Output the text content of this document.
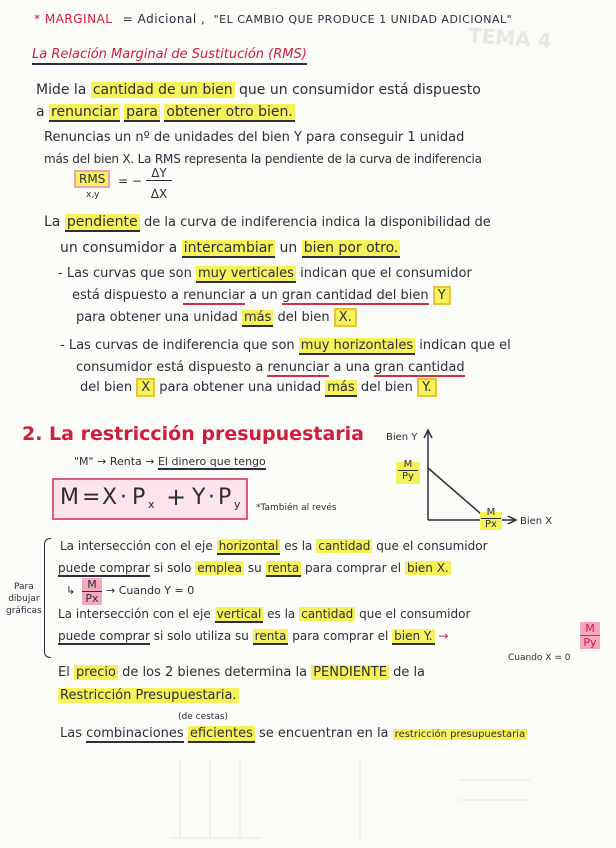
TEMA 4
* MARGINAL = Adicional , "EL CAMBIO QUE PRODUCE 1 UNIDAD ADICIONAL"
La Relación Marginal de Sustitución (RMS)
Mide la cantidad de un bien que un consumidor está dispuesto
a renunciar para obtener otro bien.
Renuncias un nº de unidades del bien Y para conseguir 1 unidad
más del bien X. La RMS representa la pendiente de la curva de indiferencia
RMS
x,y
= −
ΔY
ΔX
La pendiente de la curva de indiferencia indica la disponibilidad de
un consumidor a intercambiar un bien por otro.
- Las curvas que son muy verticales indican que el consumidor
está dispuesto a renunciar a un gran cantidad del bien Y
para obtener una unidad más del bien X.
- Las curvas de indiferencia que son muy horizontales indican que el
consumidor está dispuesto a renunciar a una gran cantidad
del bien X para obtener una unidad más del bien Y.
2. La restricción presupuestaria
"M" → Renta → El dinero que tengo
M = X · P x + Y · P y *También al revés
Bien Y
Bien X
M
Py
M
Px
Para
dibujar
gráficas
La intersección con el eje horizontal es la cantidad que el consumidor
puede comprar si solo emplea su renta para comprar el bien X.
↳	M
Px
→ Cuando Y = 0
La intersección con el eje vertical es la cantidad que el consumidor
puede comprar si solo utiliza su renta para comprar el bien Y. →
M
Py
Cuando X = 0
El precio de los 2 bienes determina la PENDIENTE de la
Restricción Presupuestaria.
(de cestas)
Las combinaciones eficientes se encuentran en la restricción presupuestaria
